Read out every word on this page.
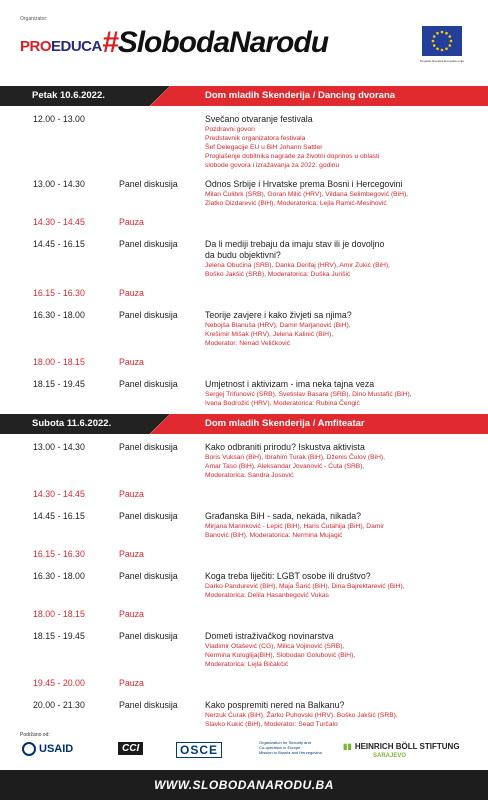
Organizator:
PROEDUCA #SlobodaNarodu
Projekat finansira Evropska unija
Petak 10.6.2022.	Dom mladih Skenderija / Dancing dvorana
12.00 - 13.00	Svečano otvaranje festivala
Pozdravni govori
Predstavnik organizatora festivala
Šef Delegacije EU u BiH Johann Sattler
Proglašenje dobitnika nagrade za životni doprinos u oblasti
slobode govora i izražavanja za 2022. godinu
13.00 - 14.30	Panel diskusija	Odnos Srbije i Hrvatske prema Bosni i Hercegovini
Milan Ćulibrk (SRB), Goran Milić (HRV), Vildana Selimbegović (BiH),
Zlatko Dizdarević (BiH), Moderatorica: Lejla Ramić-Mesihović
14.30 - 14.45	Pauza
14.45 - 16.15	Panel diskusija	Da li mediji trebaju da imaju stav ili je dovoljno
da budu objektivni?
Jelena Obućina (SRB), Danka Derifaj (HRV), Amir Zukić (BiH),
Boško Jakšić (SRB), Moderatorica: Duška Jurišić
16.15 - 16.30	Pauza
16.30 - 18.00	Panel diskusija	Teorije zavjere i kako živjeti sa njima?
Nebojša Blanuša (HRV), Damir Marjanović (BiH),
Krešimir Mišak (HRV), Jelena Kalinić (BiH),
Moderator: Nenad Veličković
18.00 - 18.15	Pauza
18.15 - 19.45	Panel diskusija	Umjetnost i aktivizam - ima neka tajna veza
Sergej Trifunović (SRB), Svetislav Basara (SRB), Dino Mustafić (BiH),
Ivana Bodrožić (HRV), Moderatorica: Rubina Čengić
Subota 11.6.2022.	Dom mladih Skenderija / Amfiteatar
13.00 - 14.30	Panel diskusija	Kako odbraniti prirodu? Iskustva aktivista
Boris Vuksan (BiH), Ibrahim Turak (BiH), Dženis Čulov (BiH),
Amar Taso (BiH), Aleksandar Jovanović - Ćuta (SRB),
Moderatorica: Sandra Josović
14.30 - 14.45	Pauza
14.45 - 16.15	Panel diskusija	Građanska BiH - sada, nekada, nikada?
Mirjana Marinković - Lepić (BiH), Haris Ćutahija (BiH), Damir
Banović (BiH), Moderatorica: Nermina Mujagić
16.15 - 16.30	Pauza
16.30 - 18.00	Panel diskusija	Koga treba liječiti: LGBT osobe ili društvo?
Darko Pandurević (BiH), Maja Šarić (BiH), Dina Bajrektarević (BiH),
Moderatorica: Delila Hasanbegović Vukas
18.00 - 18.15	Pauza
18.15 - 19.45	Panel diskusija	Dometi istraživačkog novinarstva
Vladimir Otašević (CG), Milica Vojinović (SRB),
Nermina Kuloglija(BiH), Slobodan Golubović (BiH),
Moderatorica: Lejla Bičakčić
19.45 - 20.00	Pauza
20.00 - 21.30	Panel diskusija	Kako pospremiti nered na Balkanu?
Nerzuk Ćurak (BiH), Žarko Puhovski (HRV), Boško Jakšić (SRB),
Slavko Kukić (BiH), Moderator: Sead Turčalo
Podržano od:
USAID	CCI	OSCE
Organization for Security and
Co-operation in Europe
Mission to Bosnia and Herzegovina
▮▮ HEINRICH BÖLL STIFTUNG
SARAJEVO
WWW.SLOBODANARODU.BA
